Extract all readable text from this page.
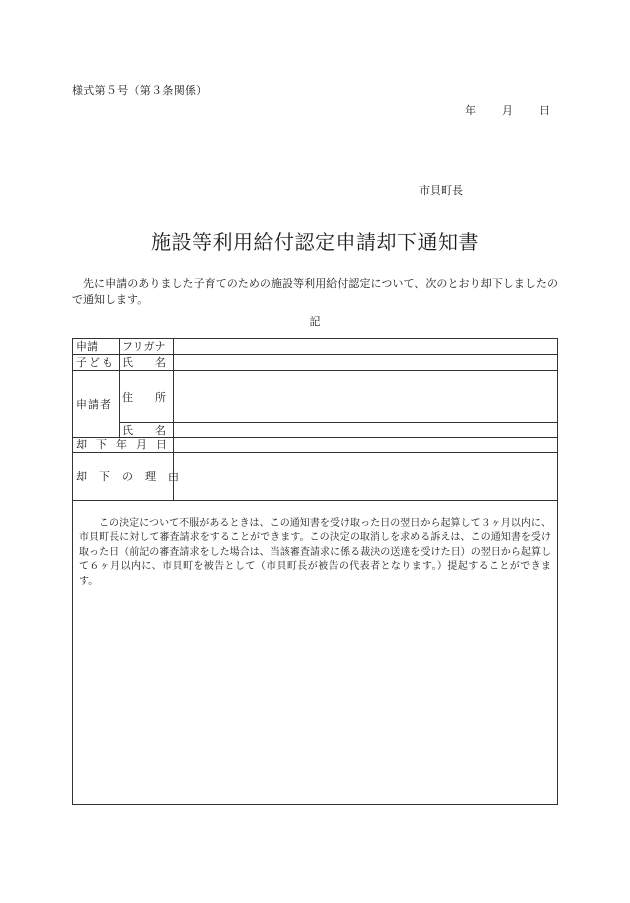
様式第５号（第３条関係）
年 月 日
市貝町長
施設等利用給付認定申請却下通知書
先に申請のありました子育てのための施設等利用給付認定について、次のとおり却下しましたので通知します。
記
申請 フリガナ
子ども 氏名
申請者
住所
氏名
却下年月日
却下の理由
この決定について不服があるときは、この通知書を受け取った日の翌日から起算して３ヶ月以内に、市貝町長に対して審査請求をすることができます。この決定の取消しを求める訴えは、この通知書を受け取った日（前記の審査請求をした場合は、当該審査請求に係る裁決の送達を受けた日）の翌日から起算して６ヶ月以内に、市貝町を被告として（市貝町長が被告の代表者となります。）提起することができます。
